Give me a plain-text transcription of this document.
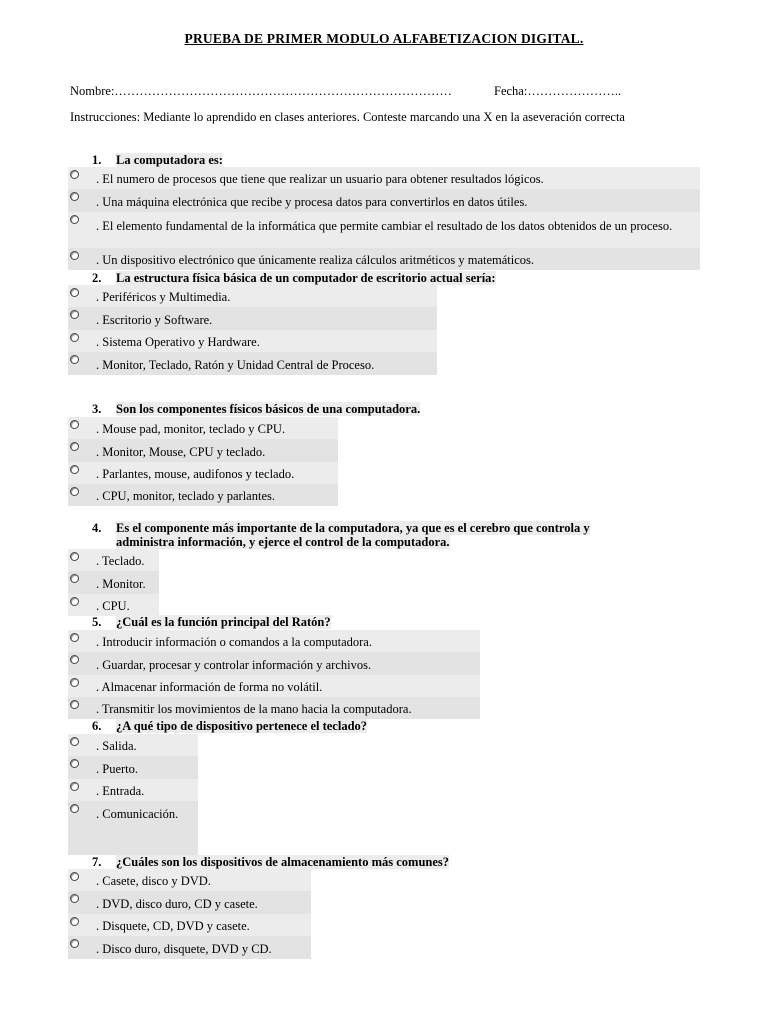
PRUEBA DE PRIMER MODULO ALFABETIZACION DIGITAL.
Nombre:………………………………………………………………………	Fecha:…………………..
Instrucciones: Mediante lo aprendido en clases anteriores. Conteste marcando una X en la aseveración correcta
1. La computadora es:
. El numero de procesos que tiene que realizar un usuario para obtener resultados lógicos.
. Una máquina electrónica que recibe y procesa datos para convertirlos en datos útiles.
. El elemento fundamental de la informática que permite cambiar el resultado de los datos obtenidos de un proceso.
. Un dispositivo electrónico que únicamente realiza cálculos aritméticos y matemáticos.
2. La estructura física básica de un computador de escritorio actual sería:
. Periféricos y Multimedia.
. Escritorio y Software.
. Sistema Operativo y Hardware.
. Monitor, Teclado, Ratón y Unidad Central de Proceso.
3. Son los componentes físicos básicos de una computadora.
. Mouse pad, monitor, teclado y CPU.
. Monitor, Mouse, CPU y teclado.
. Parlantes, mouse, audifonos y teclado.
. CPU, monitor, teclado y parlantes.
4. Es el componente más importante de la computadora, ya que es el cerebro que controla y
administra información, y ejerce el control de la computadora.
. Teclado.
. Monitor.
. CPU.
5. ¿Cuál es la función principal del Ratón?
. Introducir información o comandos a la computadora.
. Guardar, procesar y controlar información y archivos.
. Almacenar información de forma no volátil.
. Transmitir los movimientos de la mano hacia la computadora.
6. ¿A qué tipo de dispositivo pertenece el teclado?
. Salida.
. Puerto.
. Entrada.
. Comunicación.
7. ¿Cuáles son los dispositivos de almacenamiento más comunes?
. Casete, disco y DVD.
. DVD, disco duro, CD y casete.
. Disquete, CD, DVD y casete.
. Disco duro, disquete, DVD y CD.
